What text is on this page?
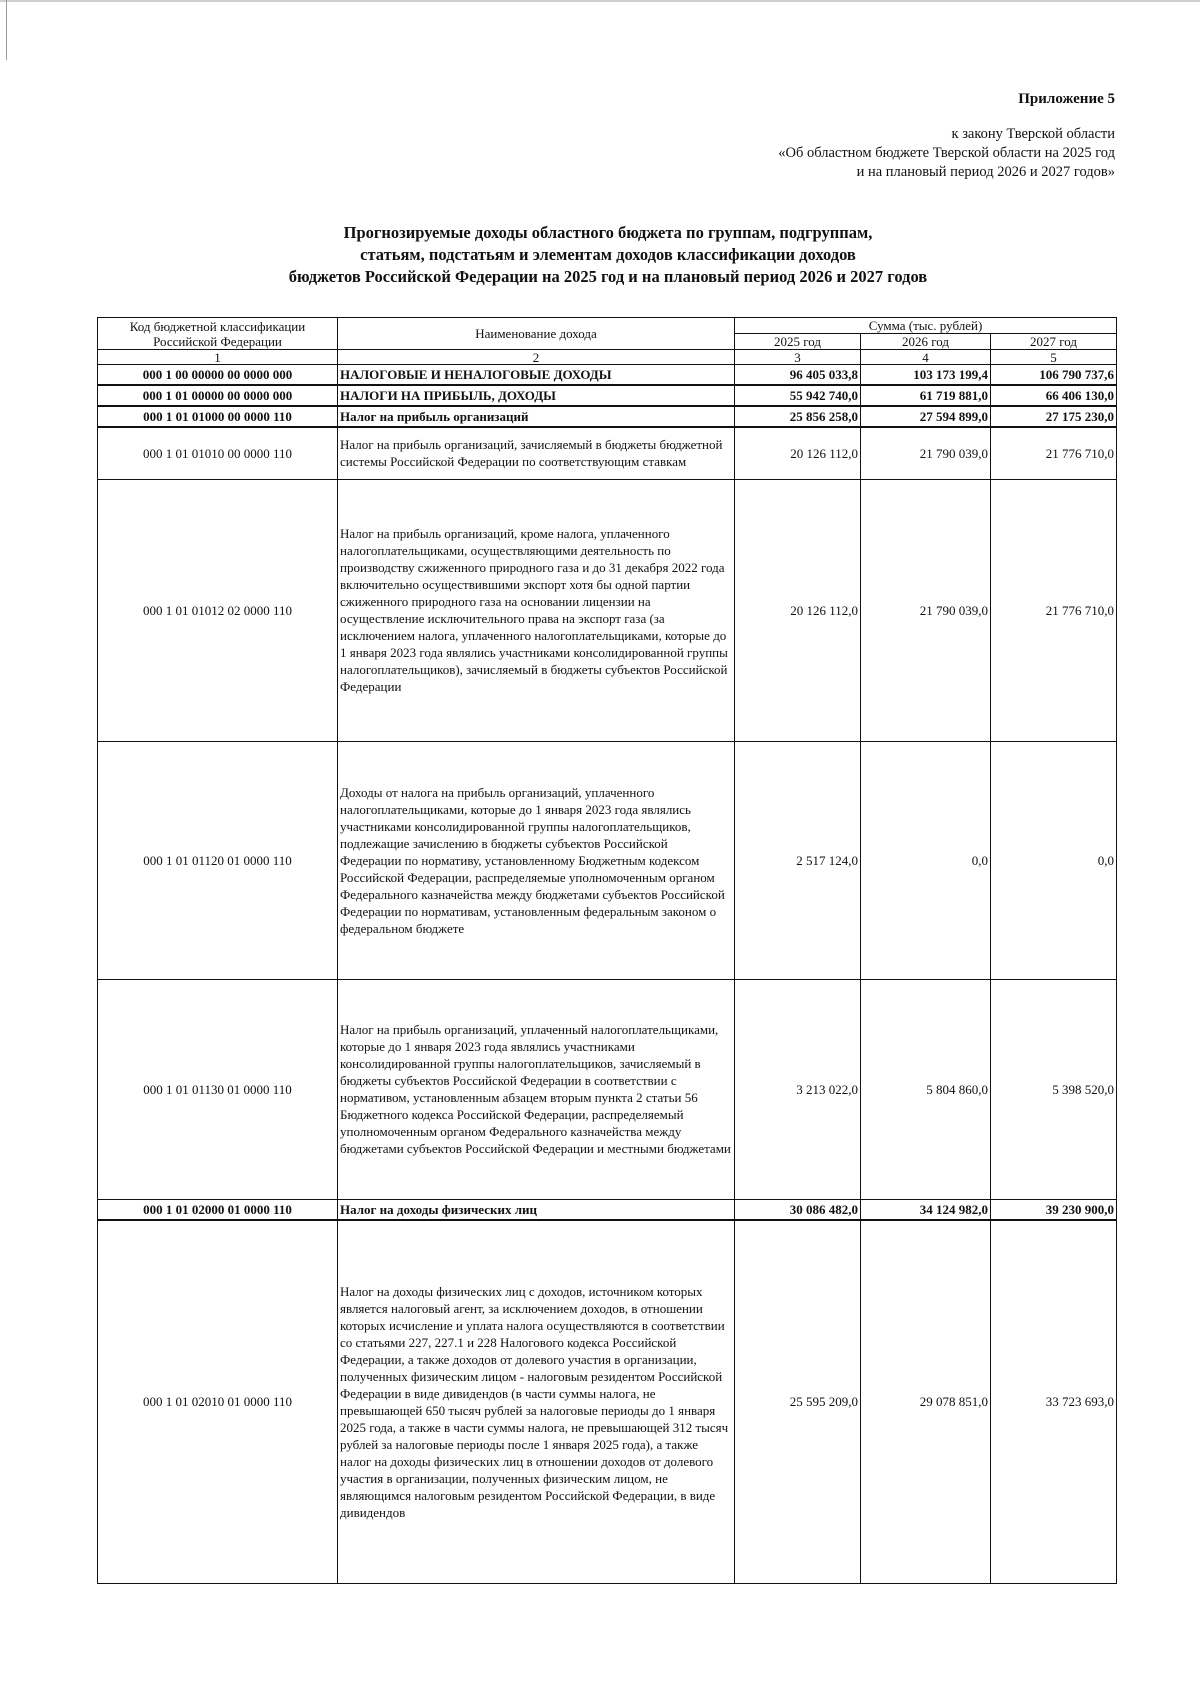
Приложение 5
к закону Тверской области
«Об областном бюджете Тверской области на 2025 год
и на плановый период 2026 и 2027 годов»
Прогнозируемые доходы областного бюджета по группам, подгруппам,
статьям, подстатьям и элементам доходов классификации доходов
бюджетов Российской Федерации на 2025 год и на плановый период 2026 и 2027 годов
Код бюджетной классификации Российской Федерации	Наименование дохода	Сумма (тыс. рублей)		
		2025 год	2026 год	2027 год
1	2	3	4	5
000 1 00 00000 00 0000 000	НАЛОГОВЫЕ И НЕНАЛОГОВЫЕ ДОХОДЫ	96 405 033,8	103 173 199,4	106 790 737,6
000 1 01 00000 00 0000 000	НАЛОГИ НА ПРИБЫЛЬ, ДОХОДЫ	55 942 740,0	61 719 881,0	66 406 130,0
000 1 01 01000 00 0000 110	Налог на прибыль организаций	25 856 258,0	27 594 899,0	27 175 230,0
000 1 01 01010 00 0000 110	Налог на прибыль организаций, зачисляемый в бюджеты бюджетной системы Российской Федерации по соответствующим ставкам	20 126 112,0	21 790 039,0	21 776 710,0
000 1 01 01012 02 0000 110	Налог на прибыль организаций, кроме налога, уплаченного налогоплательщиками, осуществляющими деятельность по производству сжиженного природного газа и до 31 декабря 2022 года включительно осуществившими экспорт хотя бы одной партии сжиженного природного газа на основании лицензии на осуществление исключительного права на экспорт газа (за исключением налога, уплаченного налогоплательщиками, которые до 1 января 2023 года являлись участниками консолидированной группы налогоплательщиков), зачисляемый в бюджеты субъектов Российской Федерации	20 126 112,0	21 790 039,0	21 776 710,0
000 1 01 01120 01 0000 110	Доходы от налога на прибыль организаций, уплаченного налогоплательщиками, которые до 1 января 2023 года являлись участниками консолидированной группы налогоплательщиков, подлежащие зачислению в бюджеты субъектов Российской Федерации по нормативу, установленному Бюджетным кодексом Российской Федерации, распределяемые уполномоченным органом Федерального казначейства между бюджетами субъектов Российской Федерации по нормативам, установленным федеральным законом о федеральном бюджете	2 517 124,0	0,0	0,0
000 1 01 01130 01 0000 110	Налог на прибыль организаций, уплаченный налогоплательщиками, которые до 1 января 2023 года являлись участниками консолидированной группы налогоплательщиков, зачисляемый в бюджеты субъектов Российской Федерации в соответствии с нормативом, установленным абзацем вторым пункта 2 статьи 56 Бюджетного кодекса Российской Федерации, распределяемый уполномоченным органом Федерального казначейства между бюджетами субъектов Российской Федерации и местными бюджетами	3 213 022,0	5 804 860,0	5 398 520,0
000 1 01 02000 01 0000 110	Налог на доходы физических лиц	30 086 482,0	34 124 982,0	39 230 900,0
000 1 01 02010 01 0000 110	Налог на доходы физических лиц с доходов, источником которых является налоговый агент, за исключением доходов, в отношении которых исчисление и уплата налога осуществляются в соответствии со статьями 227, 227.1 и 228 Налогового кодекса Российской Федерации, а также доходов от долевого участия в организации, полученных физическим лицом - налоговым резидентом Российской Федерации в виде дивидендов (в части суммы налога, не превышающей 650 тысяч рублей за налоговые периоды до 1 января 2025 года, а также в части суммы налога, не превышающей 312 тысяч рублей за налоговые периоды после 1 января 2025 года), а также налог на доходы физических лиц в отношении доходов от долевого участия в организации, полученных физическим лицом, не являющимся налоговым резидентом Российской Федерации, в виде дивидендов	25 595 209,0	29 078 851,0	33 723 693,0
